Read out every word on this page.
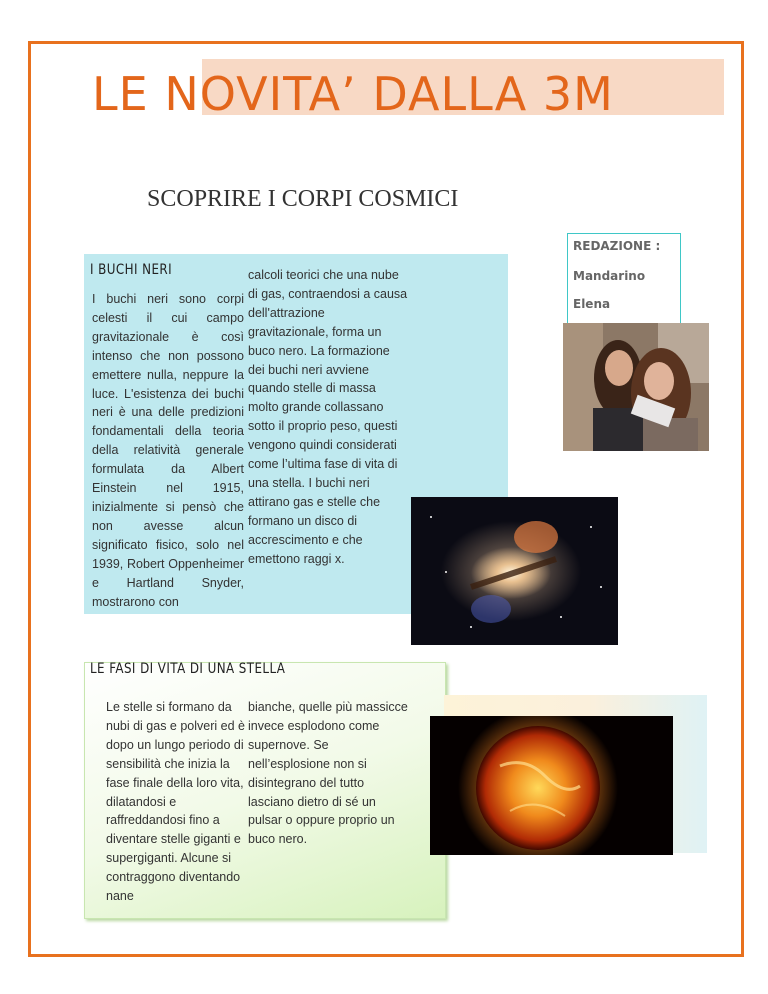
LE NOVITA’ DALLA 3M
SCOPRIRE I CORPI COSMICI
REDAZIONE :
Mandarino
Elena
I BUCHI NERI

I buchi neri sono corpi celesti il cui campo gravitazionale è così intenso che non possono emettere nulla, neppure la luce. L'esistenza dei buchi neri è una delle predizioni fondamentali della teoria della relatività generale formulata da Albert Einstein nel 1915, inizialmente si pensò che non avesse alcun significato fisico, solo nel 1939, Robert Oppenheimer e Hartland Snyder, mostrarono con

calcoli teorici che una nube di gas, contraendosi a causa dell'attrazione gravitazionale, forma un buco nero. La formazione dei buchi neri avviene quando stelle di massa molto grande collassano sotto il proprio peso, questi vengono quindi considerati come l’ultima fase di vita di una stella. I buchi neri attirano gas e stelle che formano un disco di accrescimento e che emettono raggi x.

LE FASI DI VITA DI UNA STELLA

Le stelle si formano da nubi di gas e polveri ed è dopo un lungo periodo di sensibilità che inizia la fase finale della loro vita, dilatandosi e raffreddandosi fino a diventare stelle giganti e supergiganti. Alcune si contraggono diventando nane

bianche, quelle più massicce invece esplodono come supernove. Se nell’esplosione non si disintegrano del tutto lasciano dietro di sé un pulsar o oppure proprio un buco nero.
